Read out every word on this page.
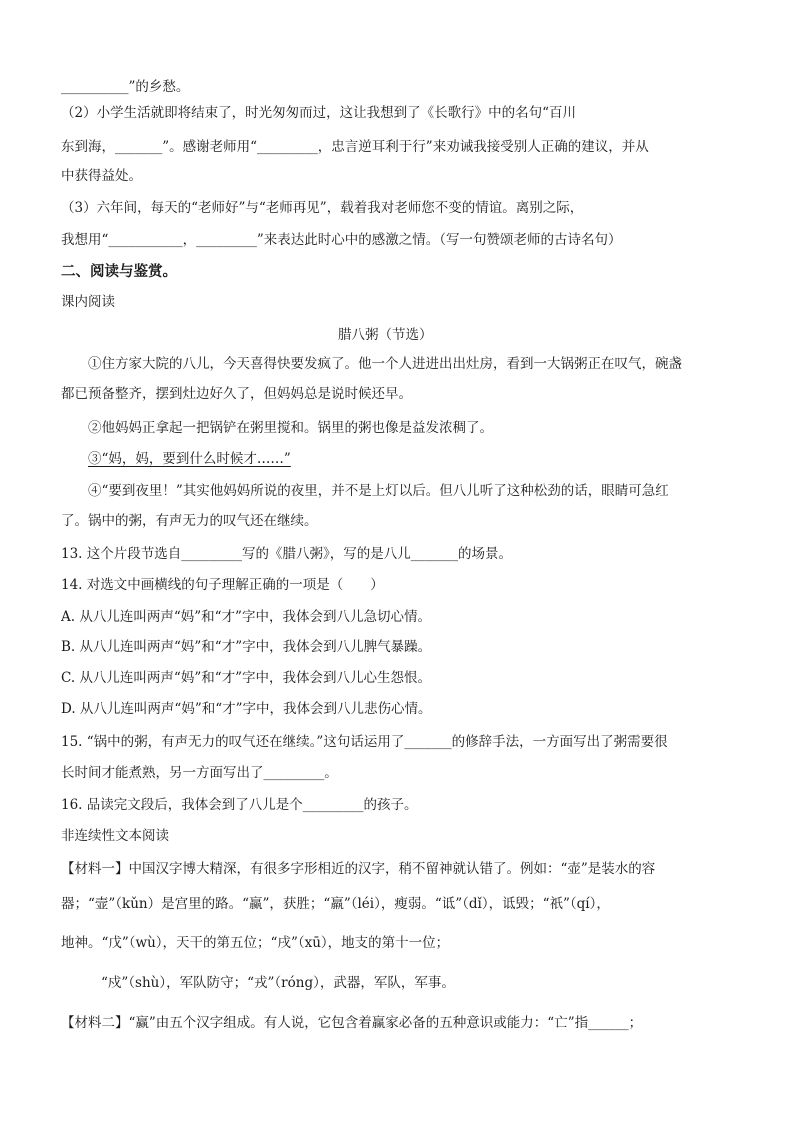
__________”的乡愁。
（2）小学生活就即将结束了，时光匆匆而过，这让我想到了《长歌行》中的名句“百川
东到海，_______”。感谢老师用“_________，忠言逆耳利于行”来劝诫我接受别人正确的建议，并从
中获得益处。
（3）六年间，每天的“老师好”与“老师再见”，载着我对老师您不变的情谊。离别之际，
我想用“___________，_________”来表达此时心中的感激之情。（写一句赞颂老师的古诗名句）
二、阅读与鉴赏。
课内阅读
腊八粥（节选）
①住方家大院的八儿，今天喜得快要发疯了。他一个人进进出出灶房，看到一大锅粥正在叹气，碗盏
都已预备整齐，摆到灶边好久了，但妈妈总是说时候还早。
②他妈妈正拿起一把锅铲在粥里搅和。锅里的粥也像是益发浓稠了。
③“妈，妈，要到什么时候才……”
④“要到夜里！”其实他妈妈所说的夜里，并不是上灯以后。但八儿听了这种松劲的话，眼睛可急红
了。锅中的粥，有声无力的叹气还在继续。
13. 这个片段节选自_________写的《腊八粥》，写的是八儿_______的场景。
14. 对选文中画横线的句子理解正确的一项是（　　）
A. 从八儿连叫两声“妈”和“才”字中，我体会到八儿急切心情。
B. 从八儿连叫两声“妈”和“才”字中，我体会到八儿脾气暴躁。
C. 从八儿连叫两声“妈”和“才”字中，我体会到八儿心生怨恨。
D. 从八儿连叫两声“妈”和“才”字中，我体会到八儿悲伤心情。
15. “锅中的粥，有声无力的叹气还在继续。”这句话运用了_______的修辞手法，一方面写出了粥需要很
长时间才能煮熟，另一方面写出了_________。
16. 品读完文段后，我体会到了八儿是个_________的孩子。
非连续性文本阅读
【材料一】中国汉字博大精深，有很多字形相近的汉字，稍不留神就认错了。例如：“壶”是装水的容
器；“壸”（kǔn）是宫里的路。“赢”，获胜；“羸”（léi），瘦弱。“诋”（dǐ），诋毁；“祇”（qí），
地神。“戊”（wù），天干的第五位；“戌”（xū），地支的第十一位；
“戍”（shù），军队防守；“戎”（róng），武器，军队，军事。
【材料二】“赢”由五个汉字组成。有人说，它包含着赢家必备的五种意识或能力：“亡”指______；
